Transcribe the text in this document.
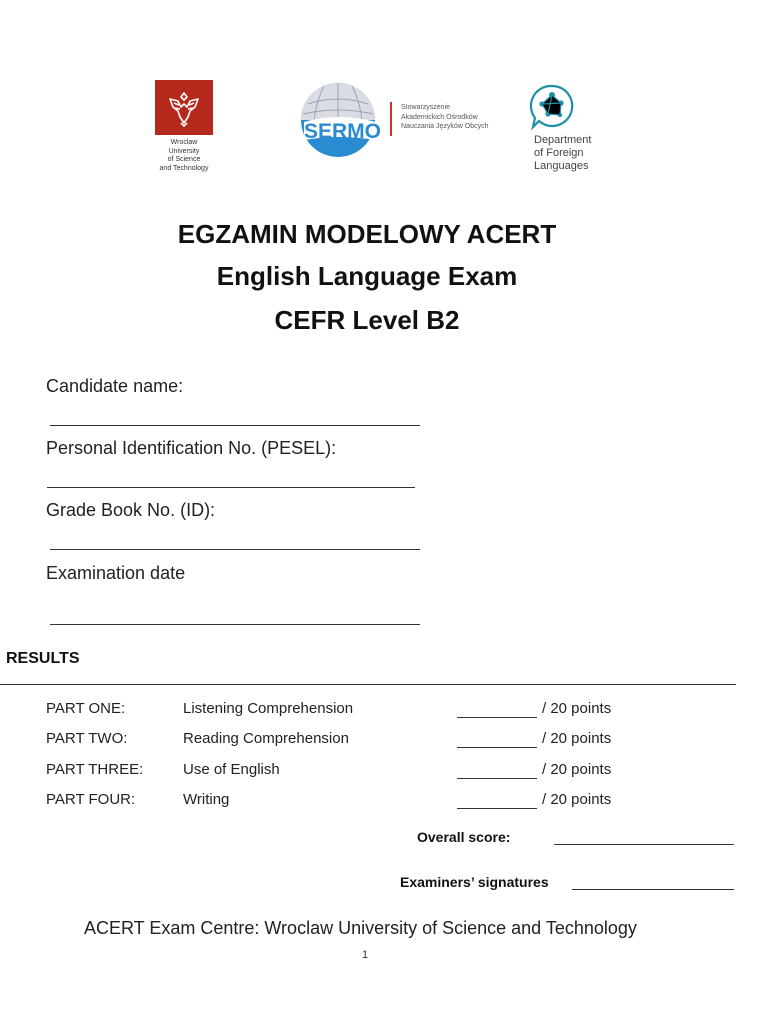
Wroclaw
University
of Science
and Technology
SERMO
Stowarzyszenie
Akademickich Ośrodków
Nauczania Języków Obcych
Department
of Foreign
Languages
EGZAMIN MODELOWY ACERT
English Language Exam
CEFR Level B2
Candidate name:
Personal Identification No. (PESEL):
Grade Book No. (ID):
Examination date
RESULTS
PART ONE:	Listening Comprehension	/ 20 points
PART TWO:	Reading Comprehension	/ 20 points
PART THREE:	Use of English	/ 20 points
PART FOUR:	Writing	/ 20 points
Overall score:
Examiners’ signatures
ACERT Exam Centre: Wroclaw University of Science and Technology
1
